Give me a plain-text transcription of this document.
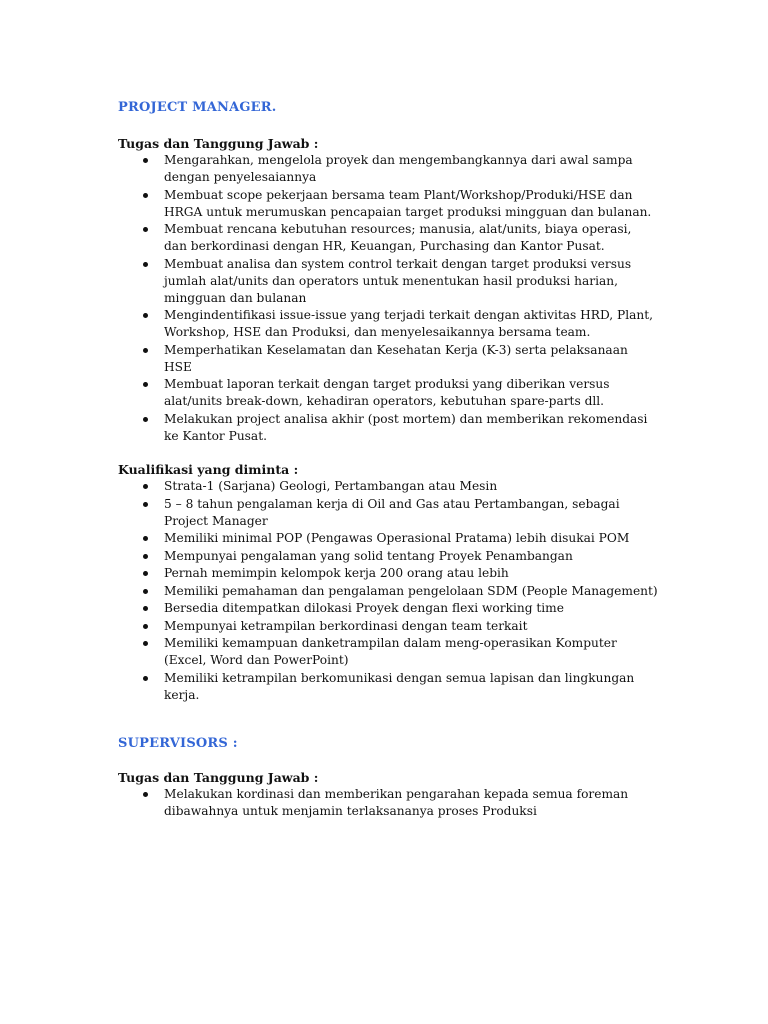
PROJECT MANAGER.
Tugas dan Tanggung Jawab :
Mengarahkan, mengelola proyek dan mengembangkannya dari awal sampa dengan penyelesaiannya
Membuat scope pekerjaan bersama team Plant/Workshop/Produki/HSE dan HRGA untuk merumuskan pencapaian target produksi mingguan dan bulanan.
Membuat rencana kebutuhan resources; manusia, alat/units, biaya operasi, dan berkordinasi dengan HR, Keuangan, Purchasing dan Kantor Pusat.
Membuat analisa dan system control terkait dengan target produksi versus jumlah alat/units dan operators untuk menentukan hasil produksi harian, mingguan dan bulanan
Mengindentifikasi issue-issue yang terjadi terkait dengan aktivitas HRD, Plant, Workshop, HSE dan Produksi, dan menyelesaikannya bersama team.
Memperhatikan Keselamatan dan Kesehatan Kerja (K-3) serta pelaksanaan HSE
Membuat laporan terkait dengan target produksi yang diberikan versus alat/units break-down, kehadiran operators, kebutuhan spare-parts dll.
Melakukan project analisa akhir (post mortem) dan memberikan rekomendasi ke Kantor Pusat.
Kualifikasi yang diminta :
Strata-1 (Sarjana) Geologi, Pertambangan atau Mesin
5 – 8 tahun pengalaman kerja di Oil and Gas atau Pertambangan, sebagai Project Manager
Memiliki minimal POP (Pengawas Operasional Pratama) lebih disukai POM
Mempunyai pengalaman yang solid tentang Proyek Penambangan
Pernah memimpin kelompok kerja 200 orang atau lebih
Memiliki pemahaman dan pengalaman pengelolaan SDM (People Management)
Bersedia ditempatkan dilokasi Proyek dengan flexi working time
Mempunyai ketrampilan berkordinasi dengan team terkait
Memiliki kemampuan danketrampilan dalam meng-operasikan Komputer (Excel, Word dan PowerPoint)
Memiliki ketrampilan berkomunikasi dengan semua lapisan dan lingkungan kerja.
SUPERVISORS :
Tugas dan Tanggung Jawab :
Melakukan kordinasi dan memberikan pengarahan kepada semua foreman dibawahnya untuk menjamin terlaksananya proses Produksi
